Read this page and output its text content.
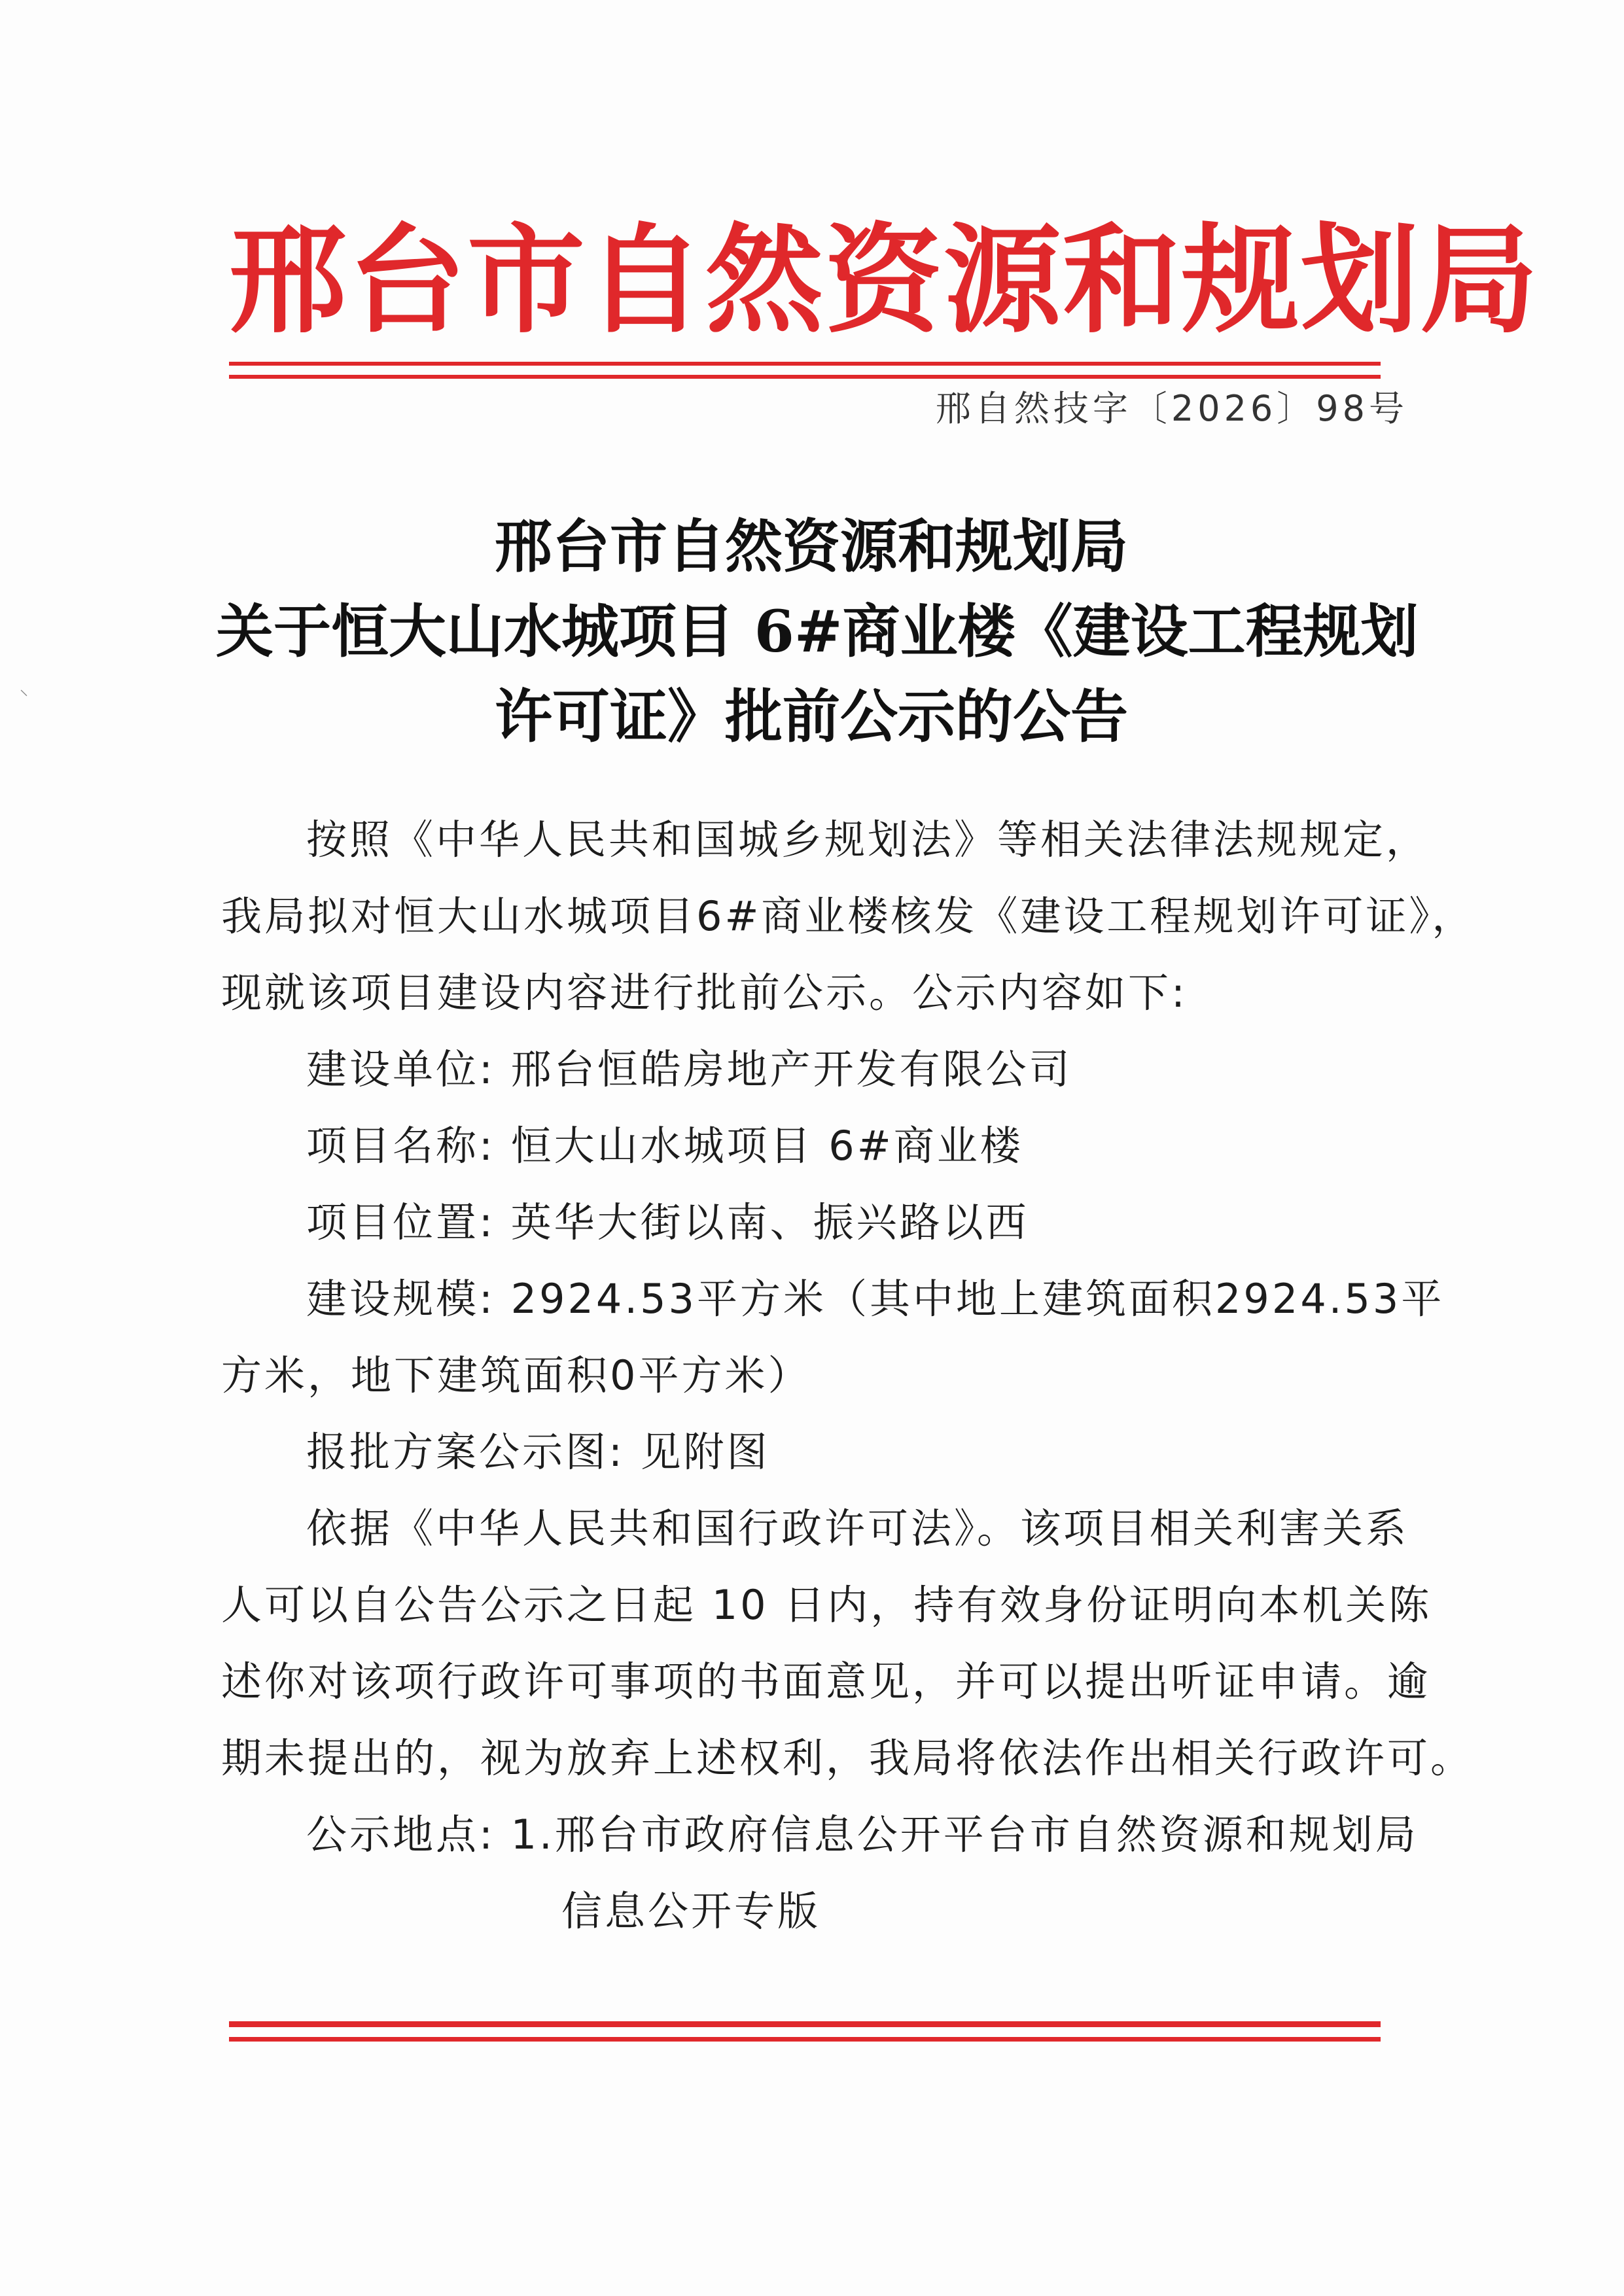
⸌
邢台市自然资源和规划局
邢自然技字〔2026〕98号
邢台市自然资源和规划局
关于恒大山水城项目 6#商业楼《建设工程规划
许可证》批前公示的公告
按照《中华人民共和国城乡规划法》等相关法律法规规定，
我局拟对恒大山水城项目6#商业楼核发《建设工程规划许可证》，
现就该项目建设内容进行批前公示。公示内容如下:
建设单位: 邢台恒皓房地产开发有限公司
项目名称: 恒大山水城项目 6#商业楼
项目位置: 英华大街以南、振兴路以西
建设规模: 2924.53平方米（其中地上建筑面积2924.53平
方米，地下建筑面积0平方米）
报批方案公示图: 见附图
依据《中华人民共和国行政许可法》。该项目相关利害关系
人可以自公告公示之日起 10 日内，持有效身份证明向本机关陈
述你对该项行政许可事项的书面意见，并可以提出听证申请。逾
期未提出的，视为放弃上述权利，我局将依法作出相关行政许可。
公示地点: 1.邢台市政府信息公开平台市自然资源和规划局
信息公开专版
